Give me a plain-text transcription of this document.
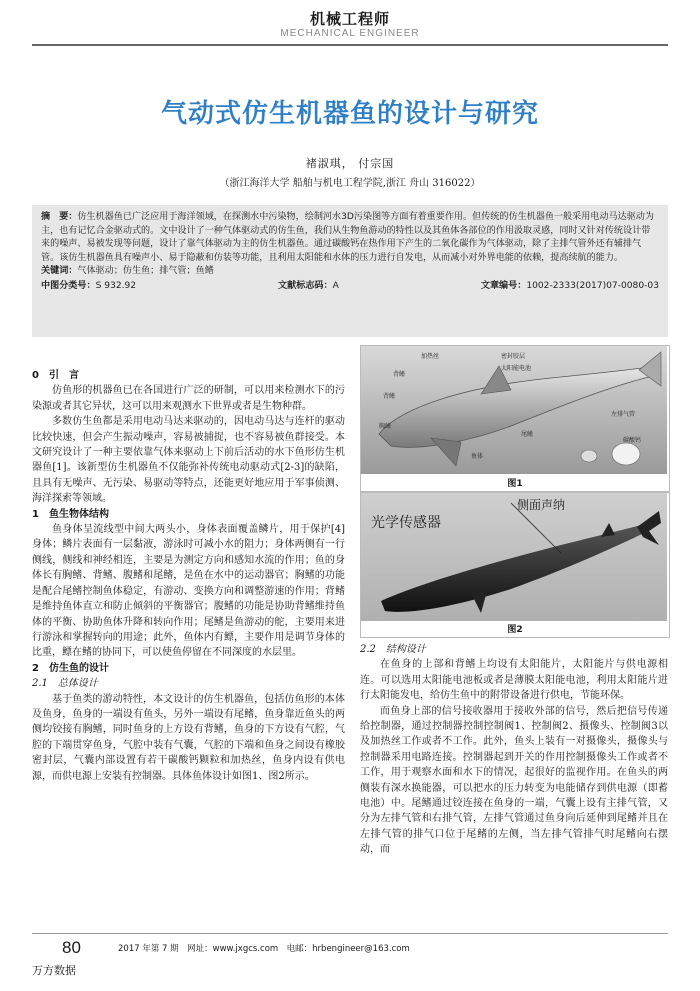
机械工程师
MECHANICAL ENGINEER
气动式仿生机器鱼的设计与研究
褚淑琪， 付宗国
（浙江海洋大学 船舶与机电工程学院,浙江 舟山 316022）

摘　要：仿生机器鱼已广泛应用于海洋领域，在探测水中污染物，绘制河水3D污染图等方面有着重要作用。但传统的仿生机器鱼一般采用电动马达驱动为主，也有记忆合金驱动式的。文中设计了一种气体驱动式的仿生鱼，我们从生物鱼游动的特性以及其鱼体各部位的作用汲取灵感，同时又针对传统设计带来的噪声、易被发现等问题，设计了靠气体驱动为主的仿生机器鱼。通过碳酸钙在热作用下产生的二氧化碳作为气体驱动，除了主排气管外还有辅排气管。该仿生机器鱼具有噪声小、易于隐蔽和仿装等功能，且利用太阳能和水体的压力进行自发电，从而减小对外界电能的依赖，提高续航的能力。

关键词：气体驱动；仿生鱼；排气管；鱼鳍

中图分类号：S 932.92	文献标志码：A	文章编号：1002-2333(2017)07-0080-03

0　引　言

仿鱼形的机器鱼已在各国进行广泛的研制，可以用来检测水下的污染源或者其它异状，这可以用来观测水下世界或者是生物种群。

多数仿生鱼都是采用电动马达来驱动的，因电动马达与连杆的驱动比较快速，但会产生振动噪声，容易被捕捉，也不容易被鱼群接受。本文研究设计了一种主要依靠气体来驱动上下前后活动的水下鱼形仿生机器鱼[1]。该新型仿生机器鱼不仅能弥补传统电动驱动式[2-3]的缺陷，且具有无噪声、无污染、易驱动等特点，还能更好地应用于军事侦测、海洋探索等领域。

1　鱼生物体结构

鱼身体呈流线型中间大两头小，身体表面覆盖鳞片，用于保护[4]身体；鳞片表面有一层黏液，游泳时可减小水的阻力；身体两侧有一行侧线，侧线和神经相连，主要是为测定方向和感知水流的作用；鱼的身体长有胸鳍、背鳍、腹鳍和尾鳍，是鱼在水中的运动器官；胸鳍的功能是配合尾鳍控制鱼体稳定，有游动、变换方向和调整游速的作用；背鳍是维持鱼体直立和防止倾斜的平衡器官；腹鳍的功能是协助背鳍维持鱼体的平衡、协助鱼体升降和转向作用；尾鳍是鱼游动的舵，主要用来进行游泳和掌握转向的用途；此外，鱼体内有鳔，主要作用是调节身体的比重，鳔在鳍的协同下，可以使鱼停留在不同深度的水层里。

2　仿生鱼的设计

2.1　总体设计

基于鱼类的游动特性，本文设计的仿生机器鱼，包括仿鱼形的本体及鱼身，鱼身的一端设有鱼头，另外一端设有尾鳍，鱼身靠近鱼头的两侧均铰接有胸鳍，同时鱼身的上方设有背鳍，鱼身的下方设有气腔，气腔的下端贯穿鱼身，气腔中装有气囊，气腔的下端和鱼身之间设有橡胶密封层，气囊内部设置有若干碳酸钙颗粒和加热丝，鱼身内设有供电源，而供电源上安装有控制器。具体鱼体设计如图1、图2所示。

加热丝
背鳍
密封胶层
太阳能电池
背鳍
左排气管
胸鳍
尾鳍
鱼体
碳酸钙
图1
光学传感器
侧面声纳
图2

2.2　结构设计

在鱼身的上部和背鳍上均设有太阳能片，太阳能片与供电源相连。可以选用太阳能电池板或者是薄膜太阳能电池，利用太阳能片进行太阳能发电，给仿生鱼中的附带设备进行供电，节能环保。

而鱼身上部的信号接收器用于接收外部的信号，然后把信号传递给控制器，通过控制器控制控制阀1、控制阀2、摄像头、控制阀3以及加热丝工作或者不工作。此外，鱼头上装有一对摄像头，摄像头与控制器采用电路连接。控制器起到开关的作用控制摄像头工作或者不工作，用于观察水面和水下的情况，起很好的监视作用。在鱼头的两侧装有深水换能器，可以把水的压力转变为电能储存到供电源（即蓄电池）中。尾鳍通过铰连接在鱼身的一端，气囊上设有主排气管，又分为左排气管和右排气管，左排气管通过鱼身向后延伸到尾鳍并且在左排气管的排气口位于尾鳍的左侧，当左排气管排气时尾鳍向右摆动，而

80	2017 年第 7 期　网址：www.jxgcs.com　电邮：hrbengineer@163.com
万方数据
